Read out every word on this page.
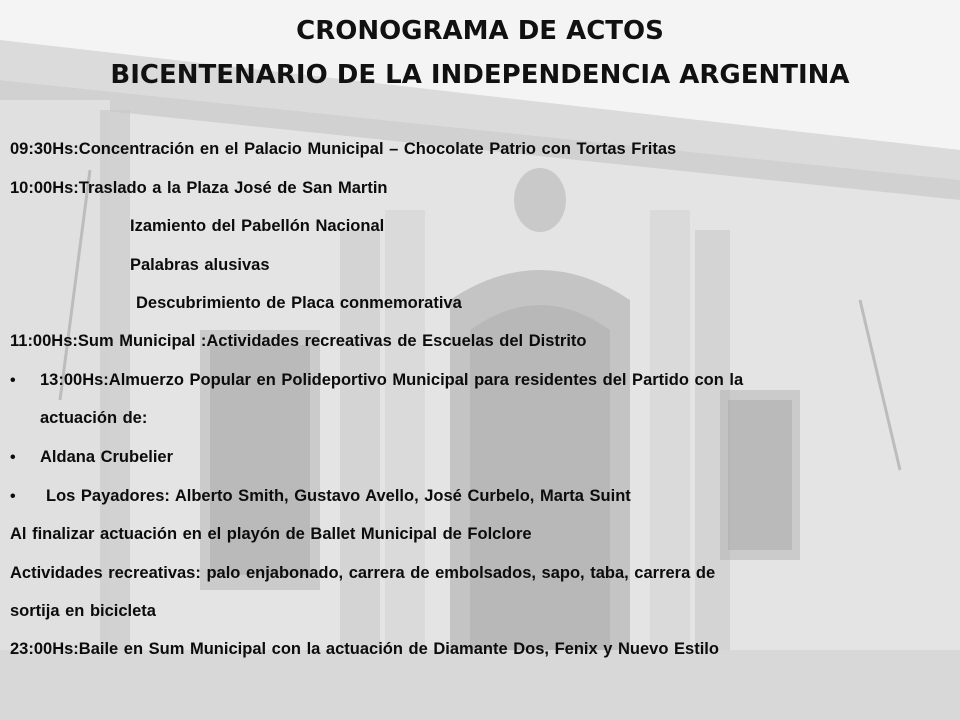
CRONOGRAMA DE ACTOS
BICENTENARIO DE LA INDEPENDENCIA ARGENTINA
09:30Hs:Concentración en el Palacio Municipal – Chocolate Patrio con Tortas Fritas
10:00Hs:Traslado a la Plaza José de San Martin
Izamiento del Pabellón Nacional
Palabras alusivas
Descubrimiento de Placa conmemorativa
11:00Hs:Sum Municipal :Actividades recreativas de Escuelas del Distrito
• 13:00Hs:Almuerzo Popular en Polideportivo Municipal para residentes del Partido con la
actuación de:
• Aldana Crubelier
• Los Payadores: Alberto Smith, Gustavo Avello, José Curbelo, Marta Suint
Al finalizar actuación en el playón de Ballet Municipal de Folclore
Actividades recreativas: palo enjabonado, carrera de embolsados, sapo, taba, carrera de
sortija en bicicleta
23:00Hs:Baile en Sum Municipal con la actuación de Diamante Dos, Fenix y Nuevo Estilo
